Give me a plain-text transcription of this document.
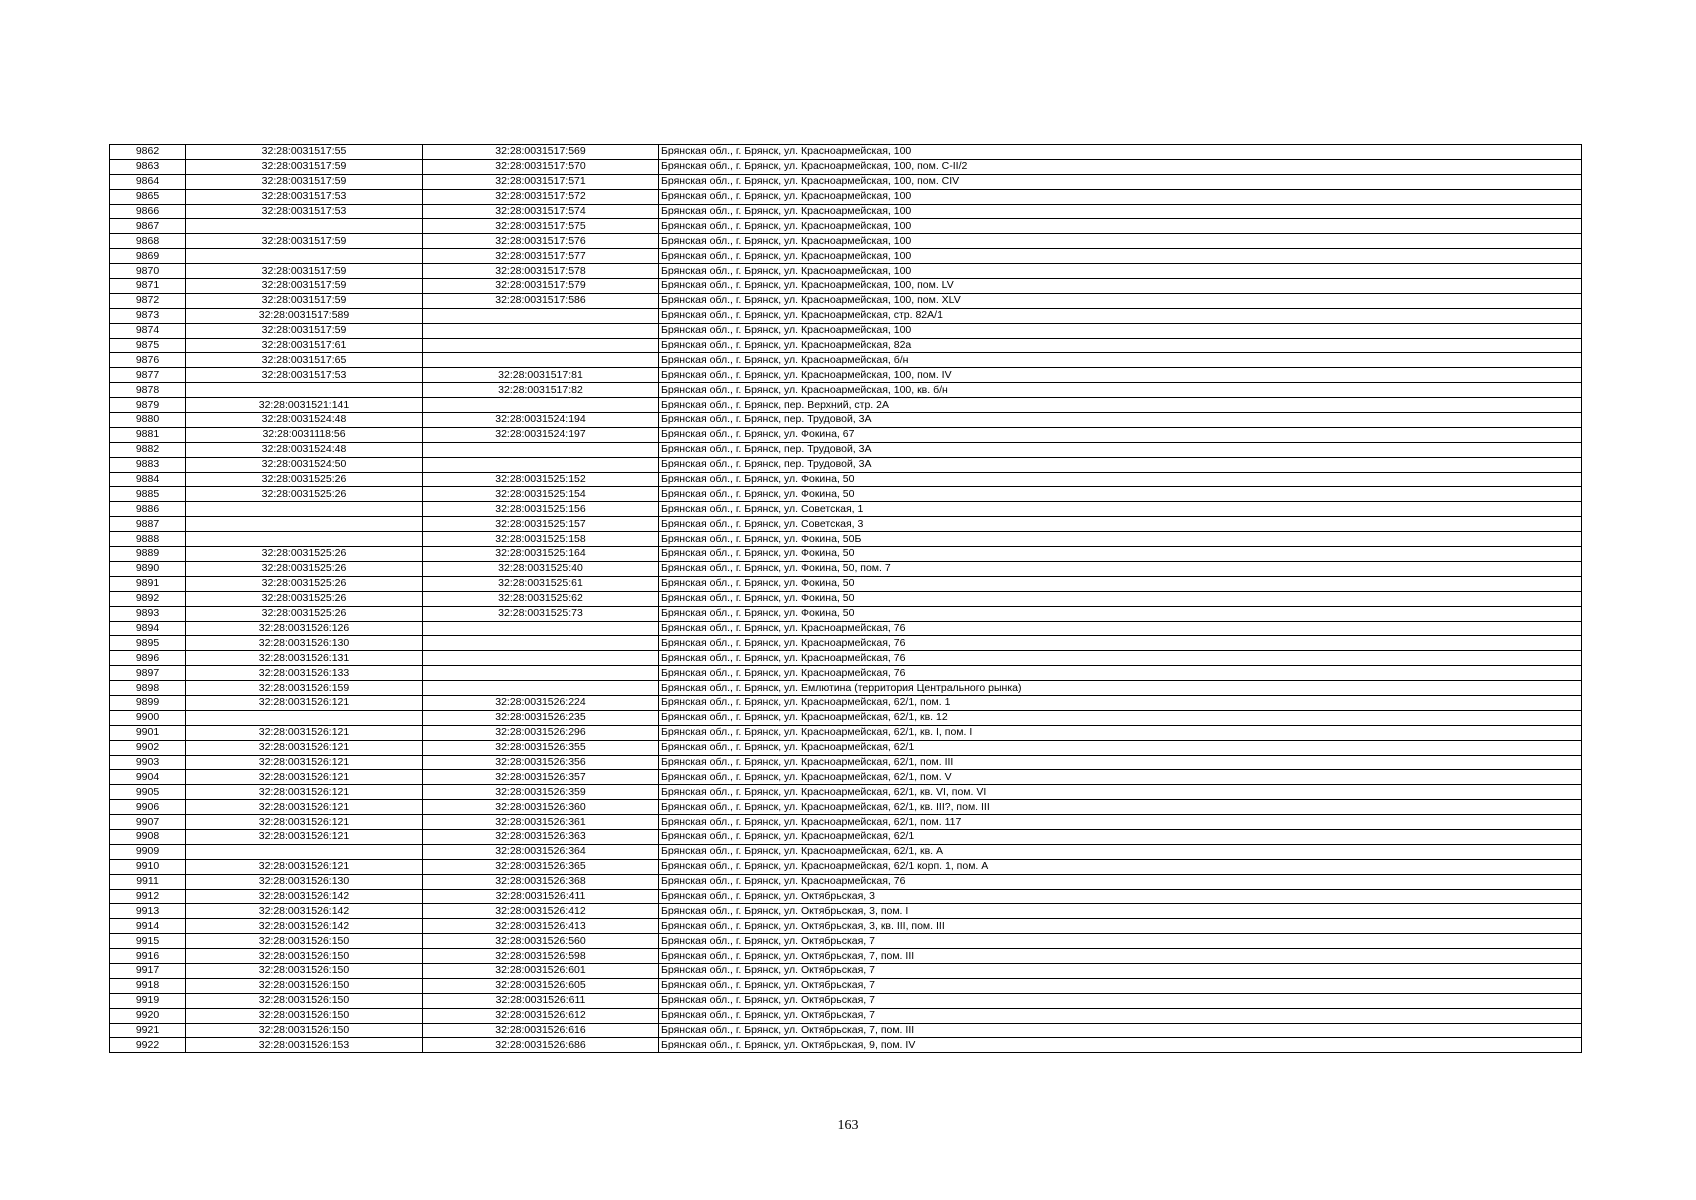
9862	32:28:0031517:55	32:28:0031517:569	Брянская обл., г. Брянск, ул. Красноармейская, 100
9863	32:28:0031517:59	32:28:0031517:570	Брянская обл., г. Брянск, ул. Красноармейская, 100, пом. С-II/2
9864	32:28:0031517:59	32:28:0031517:571	Брянская обл., г. Брянск, ул. Красноармейская, 100, пом. CIV
9865	32:28:0031517:53	32:28:0031517:572	Брянская обл., г. Брянск, ул. Красноармейская, 100
9866	32:28:0031517:53	32:28:0031517:574	Брянская обл., г. Брянск, ул. Красноармейская, 100
9867		32:28:0031517:575	Брянская обл., г. Брянск, ул. Красноармейская, 100
9868	32:28:0031517:59	32:28:0031517:576	Брянская обл., г. Брянск, ул. Красноармейская, 100
9869		32:28:0031517:577	Брянская обл., г. Брянск, ул. Красноармейская, 100
9870	32:28:0031517:59	32:28:0031517:578	Брянская обл., г. Брянск, ул. Красноармейская, 100
9871	32:28:0031517:59	32:28:0031517:579	Брянская обл., г. Брянск, ул. Красноармейская, 100, пом. LV
9872	32:28:0031517:59	32:28:0031517:586	Брянская обл., г. Брянск, ул. Красноармейская, 100, пом. XLV
9873	32:28:0031517:589		Брянская обл., г. Брянск, ул. Красноармейская, стр. 82А/1
9874	32:28:0031517:59		Брянская обл., г. Брянск, ул. Красноармейская, 100
9875	32:28:0031517:61		Брянская обл., г. Брянск, ул. Красноармейская, 82а
9876	32:28:0031517:65		Брянская обл., г. Брянск, ул. Красноармейская, б/н
9877	32:28:0031517:53	32:28:0031517:81	Брянская обл., г. Брянск, ул. Красноармейская, 100, пом. IV
9878		32:28:0031517:82	Брянская обл., г. Брянск, ул. Красноармейская, 100, кв. б/н
9879	32:28:0031521:141		Брянская обл., г. Брянск, пер. Верхний, стр. 2А
9880	32:28:0031524:48	32:28:0031524:194	Брянская обл., г. Брянск, пер. Трудовой, 3А
9881	32:28:0031118:56	32:28:0031524:197	Брянская обл., г. Брянск, ул. Фокина, 67
9882	32:28:0031524:48		Брянская обл., г. Брянск, пер. Трудовой, 3А
9883	32:28:0031524:50		Брянская обл., г. Брянск, пер. Трудовой, 3А
9884	32:28:0031525:26	32:28:0031525:152	Брянская обл., г. Брянск, ул. Фокина, 50
9885	32:28:0031525:26	32:28:0031525:154	Брянская обл., г. Брянск, ул. Фокина, 50
9886		32:28:0031525:156	Брянская обл., г. Брянск, ул. Советская, 1
9887		32:28:0031525:157	Брянская обл., г. Брянск, ул. Советская, 3
9888		32:28:0031525:158	Брянская обл., г. Брянск, ул. Фокина, 50Б
9889	32:28:0031525:26	32:28:0031525:164	Брянская обл., г. Брянск, ул. Фокина, 50
9890	32:28:0031525:26	32:28:0031525:40	Брянская обл., г. Брянск, ул. Фокина, 50, пом. 7
9891	32:28:0031525:26	32:28:0031525:61	Брянская обл., г. Брянск, ул. Фокина, 50
9892	32:28:0031525:26	32:28:0031525:62	Брянская обл., г. Брянск, ул. Фокина, 50
9893	32:28:0031525:26	32:28:0031525:73	Брянская обл., г. Брянск, ул. Фокина, 50
9894	32:28:0031526:126		Брянская обл., г. Брянск, ул. Красноармейская, 76
9895	32:28:0031526:130		Брянская обл., г. Брянск, ул. Красноармейская, 76
9896	32:28:0031526:131		Брянская обл., г. Брянск, ул. Красноармейская, 76
9897	32:28:0031526:133		Брянская обл., г. Брянск, ул. Красноармейская, 76
9898	32:28:0031526:159		Брянская обл., г. Брянск, ул. Емлютина (территория Центрального рынка)
9899	32:28:0031526:121	32:28:0031526:224	Брянская обл., г. Брянск, ул. Красноармейская, 62/1, пом. 1
9900		32:28:0031526:235	Брянская обл., г. Брянск, ул. Красноармейская, 62/1, кв. 12
9901	32:28:0031526:121	32:28:0031526:296	Брянская обл., г. Брянск, ул. Красноармейская, 62/1, кв. I, пом. I
9902	32:28:0031526:121	32:28:0031526:355	Брянская обл., г. Брянск, ул. Красноармейская, 62/1
9903	32:28:0031526:121	32:28:0031526:356	Брянская обл., г. Брянск, ул. Красноармейская, 62/1, пом. III
9904	32:28:0031526:121	32:28:0031526:357	Брянская обл., г. Брянск, ул. Красноармейская, 62/1, пом. V
9905	32:28:0031526:121	32:28:0031526:359	Брянская обл., г. Брянск, ул. Красноармейская, 62/1, кв. VI, пом. VI
9906	32:28:0031526:121	32:28:0031526:360	Брянская обл., г. Брянск, ул. Красноармейская, 62/1, кв. III?, пом. III
9907	32:28:0031526:121	32:28:0031526:361	Брянская обл., г. Брянск, ул. Красноармейская, 62/1, пом. 117
9908	32:28:0031526:121	32:28:0031526:363	Брянская обл., г. Брянск, ул. Красноармейская, 62/1
9909		32:28:0031526:364	Брянская обл., г. Брянск, ул. Красноармейская, 62/1, кв. А
9910	32:28:0031526:121	32:28:0031526:365	Брянская обл., г. Брянск, ул. Красноармейская, 62/1 корп. 1, пом. А
9911	32:28:0031526:130	32:28:0031526:368	Брянская обл., г. Брянск, ул. Красноармейская, 76
9912	32:28:0031526:142	32:28:0031526:411	Брянская обл., г. Брянск, ул. Октябрьская, 3
9913	32:28:0031526:142	32:28:0031526:412	Брянская обл., г. Брянск, ул. Октябрьская, 3, пом. I
9914	32:28:0031526:142	32:28:0031526:413	Брянская обл., г. Брянск, ул. Октябрьская, 3, кв. III, пом. III
9915	32:28:0031526:150	32:28:0031526:560	Брянская обл., г. Брянск, ул. Октябрьская, 7
9916	32:28:0031526:150	32:28:0031526:598	Брянская обл., г. Брянск, ул. Октябрьская, 7, пом. III
9917	32:28:0031526:150	32:28:0031526:601	Брянская обл., г. Брянск, ул. Октябрьская, 7
9918	32:28:0031526:150	32:28:0031526:605	Брянская обл., г. Брянск, ул. Октябрьская, 7
9919	32:28:0031526:150	32:28:0031526:611	Брянская обл., г. Брянск, ул. Октябрьская, 7
9920	32:28:0031526:150	32:28:0031526:612	Брянская обл., г. Брянск, ул. Октябрьская, 7
9921	32:28:0031526:150	32:28:0031526:616	Брянская обл., г. Брянск, ул. Октябрьская, 7, пом. III
9922	32:28:0031526:153	32:28:0031526:686	Брянская обл., г. Брянск, ул. Октябрьская, 9, пом. IV
163
